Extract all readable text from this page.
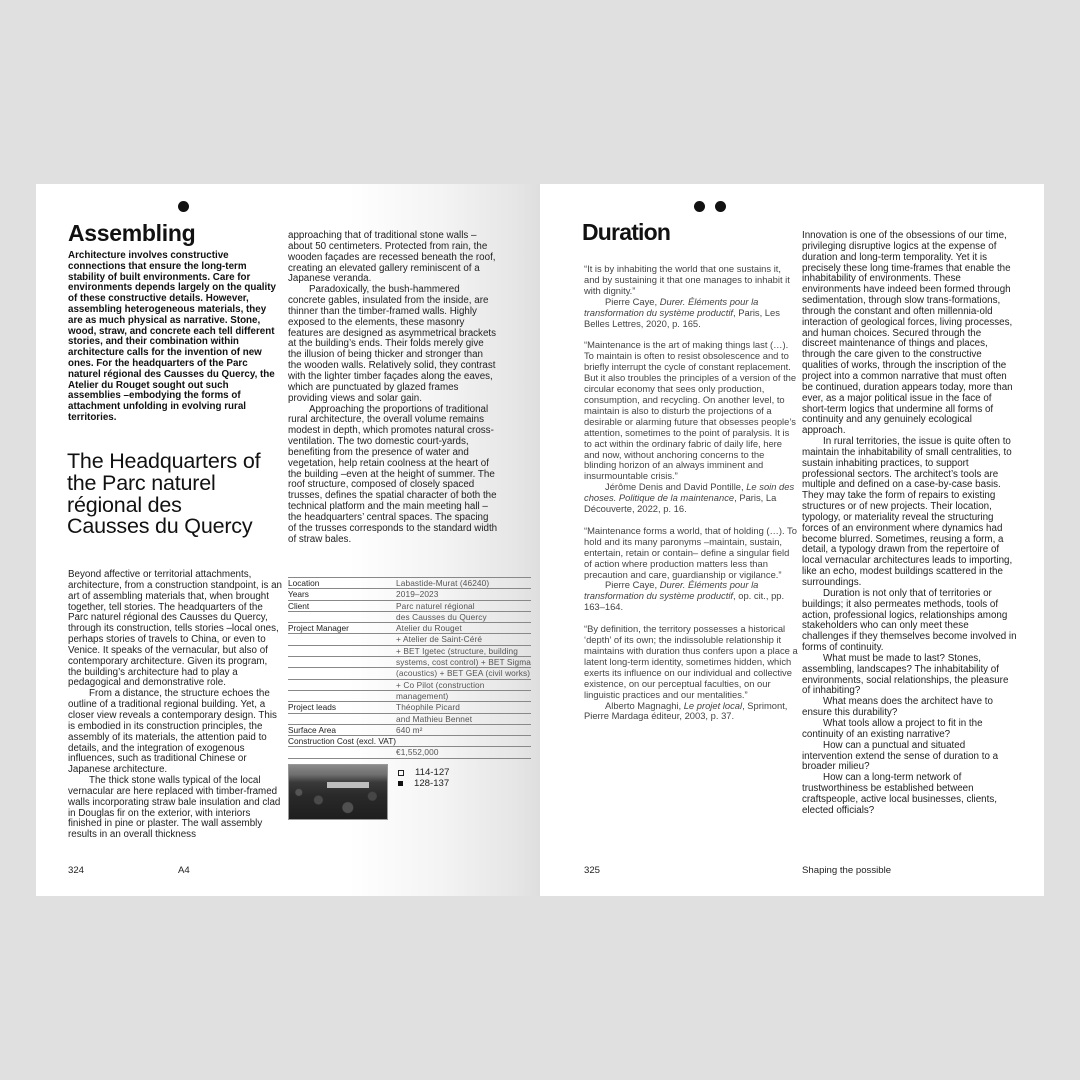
Assembling
Architecture involves constructive connections that ensure the long-term stability of built environments. Care for environments depends largely on the quality of these constructive details. However, assembling heterogeneous materials, they are as much physical as narrative. Stone, wood, straw, and concrete each tell different stories, and their combination within architecture calls for the invention of new ones. For the headquarters of the Parc naturel régional des Causses du Quercy, the Atelier du Rouget sought out such assemblies –embodying the forms of attachment unfolding in evolving rural territories.
The Headquarters of the Parc naturel régional des Causses du Quercy

Beyond affective or territorial attachments, architecture, from a construction standpoint, is an art of assembling materials that, when brought together, tell stories. The headquarters of the Parc naturel régional des Causses du Quercy, through its construction, tells stories –local ones, perhaps stories of travels to China, or even to Venice. It speaks of the vernacular, but also of contemporary architecture. Given its program, the building’s architecture had to play a pedagogical and demonstrative role.

From a distance, the structure echoes the outline of a traditional regional building. Yet, a closer view reveals a contemporary design. This is embodied in its construction principles, the assembly of its materials, the attention paid to details, and the integration of exogenous influences, such as traditional Chinese or Japanese architecture.

The thick stone walls typical of the local vernacular are here replaced with timber-framed walls incorporating straw bale insulation and clad in Douglas fir on the exterior, with interiors finished in pine or plaster. The wall assembly results in an overall thickness

approaching that of traditional stone walls –about 50 centimeters. Protected from rain, the wooden façades are recessed beneath the roof, creating an elevated gallery reminiscent of a Japanese veranda.

Paradoxically, the bush-hammered concrete gables, insulated from the inside, are thinner than the timber-framed walls. Highly exposed to the elements, these masonry features are designed as asymmetrical brackets at the building’s ends. Their folds merely give the illusion of being thicker and stronger than the wooden walls. Relatively solid, they contrast with the lighter timber façades along the eaves, which are punctuated by glazed frames providing views and solar gain.

Approaching the proportions of traditional rural architecture, the overall volume remains modest in depth, which promotes natural cross-ventilation. The two domestic court-yards, benefiting from the presence of water and vegetation, help retain coolness at the heart of the building –even at the height of summer. The roof structure, composed of closely spaced trusses, defines the spatial character of both the technical platform and the main meeting hall –the headquarters’ central spaces. The spacing of the trusses corresponds to the standard width of straw bales.

Location	Labastide-Murat (46240)
Years	2019–2023
Client	Parc naturel régional
	des Causses du Quercy
Project Manager	Atelier du Rouget
	+ Atelier de Saint-Céré
	+ BET Igetec (structure, building
	systems, cost control) + BET Sigma
	(acoustics) + BET GEA (civil works)
	+ Co Pilot (construction
	management)
Project leads	Théophile Picard
	and Mathieu Bennet
Surface Area	640 m²
Construction Cost (excl. VAT)	
	€1,552,000
114-127
128-137
324	A4
Duration

“It is by inhabiting the world that one sustains it, and by sustaining it that one manages to inhabit it with dignity.”

Pierre Caye, Durer. Éléments pour la transformation du système productif, Paris, Les Belles Lettres, 2020, p. 165.

“Maintenance is the art of making things last (…). To maintain is often to resist obsolescence and to briefly interrupt the cycle of constant replacement. But it also troubles the principles of a version of the circular economy that sees only production, consumption, and recycling. On another level, to maintain is also to disturb the projections of a desirable or alarming future that obsesses people’s attention, sometimes to the point of paralysis. It is to act within the ordinary fabric of daily life, here and now, without anchoring concerns to the blinding horizon of an always imminent and insurmountable crisis.”

Jérôme Denis and David Pontille, Le soin des choses. Politique de la maintenance, Paris, La Découverte, 2022, p. 16.

“Maintenance forms a world, that of holding (…). To hold and its many paronyms –maintain, sustain, entertain, retain or contain– define a singular field of action where production matters less than precaution and care, guardianship or vigilance.”

Pierre Caye, Durer. Éléments pour la transformation du système productif, op. cit., pp. 163–164.

“By definition, the territory possesses a historical ‘depth’ of its own; the indissoluble relationship it maintains with duration thus confers upon a place a latent long-term identity, sometimes hidden, which exerts its influence on our individual and collective existence, on our perceptual faculties, on our linguistic practices and our mentalities.”

Alberto Magnaghi, Le projet local, Sprimont, Pierre Mardaga éditeur, 2003, p. 37.

Innovation is one of the obsessions of our time, privileging disruptive logics at the expense of duration and long-term temporality. Yet it is precisely these long time-frames that enable the inhabitability of environments. These environments have indeed been formed through sedimentation, through slow trans-formations, through the constant and often millennia-old interaction of geological forces, living processes, and human choices. Secured through the discreet maintenance of things and places, through the care given to the constructive qualities of works, through the inscription of the project into a common narrative that must often be continued, duration appears today, more than ever, as a major political issue in the face of short-term logics that undermine all forms of continuity and any genuinely ecological approach.

In rural territories, the issue is quite often to maintain the inhabitability of small centralities, to sustain inhabiting practices, to support professional sectors. The architect’s tools are multiple and defined on a case-by-case basis. They may take the form of repairs to existing structures or of new projects. Their location, typology, or materiality reveal the structuring forces of an environment where dynamics had become blurred. Sometimes, reusing a form, a detail, a typology drawn from the repertoire of local vernacular architectures leads to importing, like an echo, modest buildings scattered in the surroundings.

Duration is not only that of territories or buildings; it also permeates methods, tools of action, professional logics, relationships among stakeholders who can only meet these challenges if they themselves become involved in forms of continuity.

What must be made to last? Stones, assembling, landscapes? The inhabitability of environments, social relationships, the pleasure of inhabiting?

What means does the architect have to ensure this durability?

What tools allow a project to fit in the continuity of an existing narrative?

How can a punctual and situated intervention extend the sense of duration to a broader milieu?

How can a long-term network of trustworthiness be established between craftspeople, active local businesses, clients, elected officials?

325	Shaping the possible
